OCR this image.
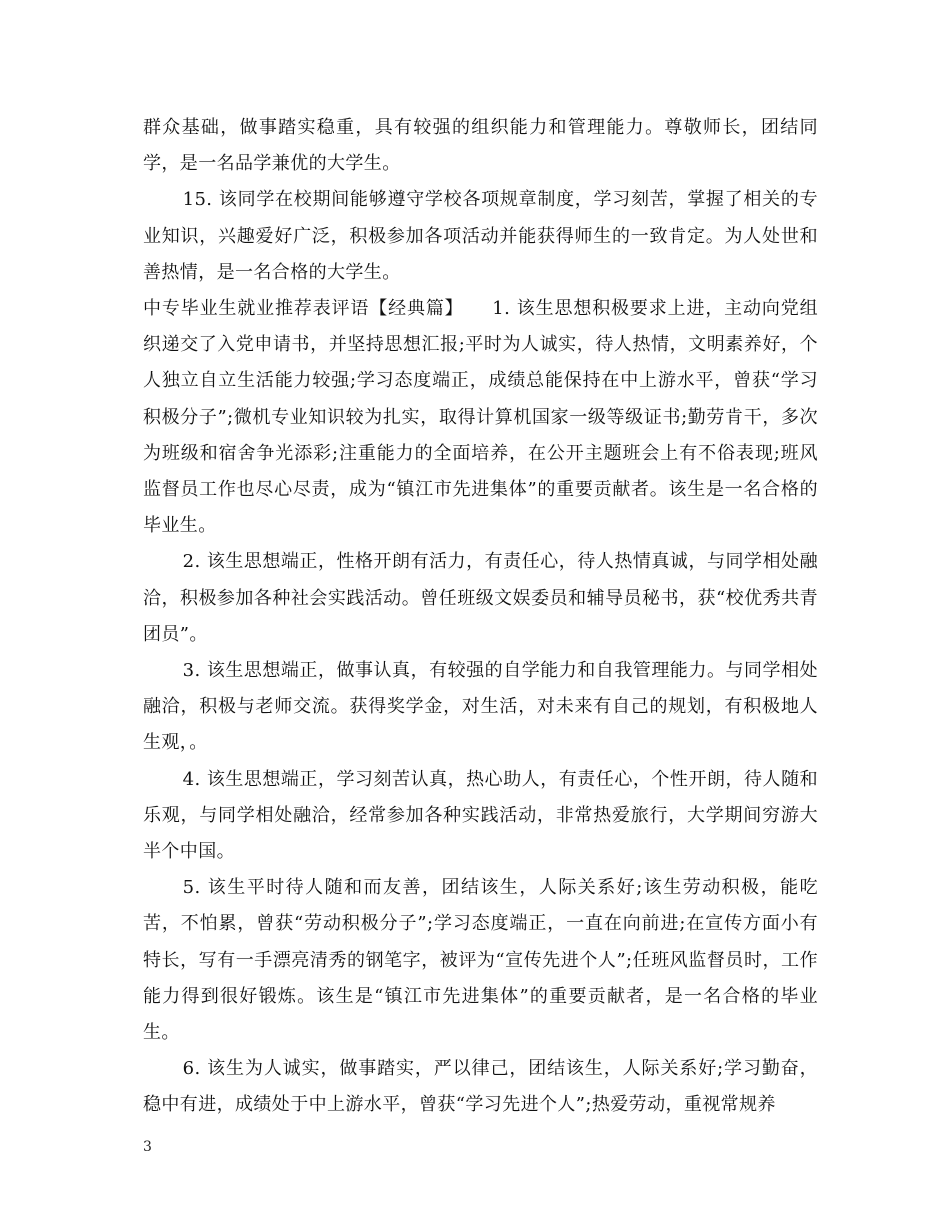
群众基础，做事踏实稳重，具有较强的组织能力和管理能力。尊敬师长，团结同学，是一名品学兼优的大学生。

15. 该同学在校期间能够遵守学校各项规章制度，学习刻苦，掌握了相关的专业知识，兴趣爱好广泛，积极参加各项活动并能获得师生的一致肯定。为人处世和善热情，是一名合格的大学生。

中专毕业生就业推荐表评语【经典篇】　　1. 该生思想积极要求上进，主动向党组织递交了入党申请书，并坚持思想汇报;平时为人诚实，待人热情，文明素养好，个人独立自立生活能力较强;学习态度端正，成绩总能保持在中上游水平，曾获“学习积极分子”;微机专业知识较为扎实，取得计算机国家一级等级证书;勤劳肯干，多次为班级和宿舍争光添彩;注重能力的全面培养，在公开主题班会上有不俗表现;班风监督员工作也尽心尽责，成为“镇江市先进集体”的重要贡献者。该生是一名合格的毕业生。

2. 该生思想端正，性格开朗有活力，有责任心，待人热情真诚，与同学相处融洽，积极参加各种社会实践活动。曾任班级文娱委员和辅导员秘书，获“校优秀共青团员”。

3. 该生思想端正，做事认真，有较强的自学能力和自我管理能力。与同学相处融洽，积极与老师交流。获得奖学金，对生活，对未来有自己的规划，有积极地人生观，。

4. 该生思想端正，学习刻苦认真，热心助人，有责任心，个性开朗，待人随和乐观，与同学相处融洽，经常参加各种实践活动，非常热爱旅行，大学期间穷游大半个中国。

5. 该生平时待人随和而友善，团结该生，人际关系好;该生劳动积极，能吃苦，不怕累，曾获“劳动积极分子”;学习态度端正，一直在向前进;在宣传方面小有特长，写有一手漂亮清秀的钢笔字，被评为“宣传先进个人”;任班风监督员时，工作能力得到很好锻炼。该生是“镇江市先进集体”的重要贡献者，是一名合格的毕业生。

6. 该生为人诚实，做事踏实，严以律己，团结该生，人际关系好;学习勤奋，稳中有进，成绩处于中上游水平，曾获“学习先进个人”;热爱劳动，重视常规养

3
